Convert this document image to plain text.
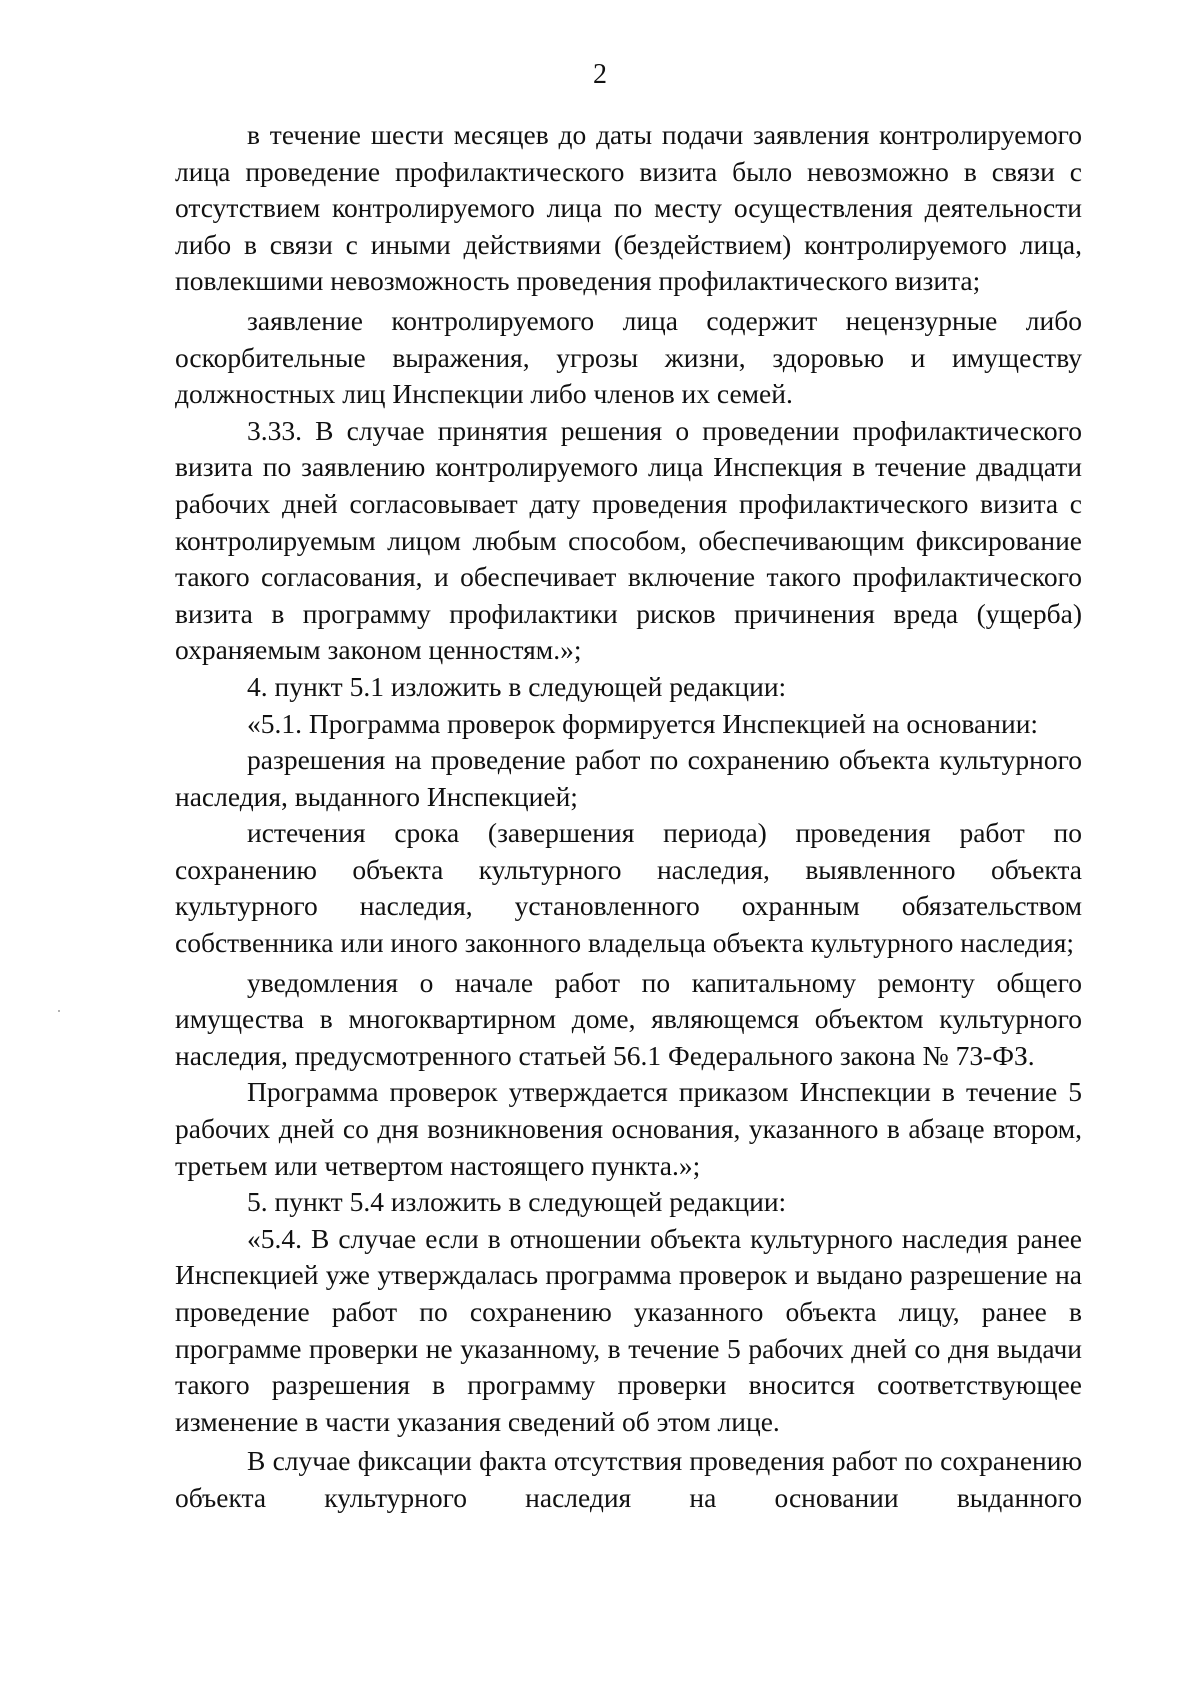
2

в течение шести месяцев до даты подачи заявления контролируемого лица проведение профилактического визита было невозможно в связи с отсутствием контролируемого лица по месту осуществления деятельности либо в связи с иными действиями (бездействием) контролируемого лица, повлекшими невозможность проведения профилактического визита;

заявление контролируемого лица содержит нецензурные либо оскорбительные выражения, угрозы жизни, здоровью и имуществу должностных лиц Инспекции либо членов их семей.

3.33. В случае принятия решения о проведении профилактического визита по заявлению контролируемого лица Инспекция в течение двадцати рабочих дней согласовывает дату проведения профилактического визита с контролируемым лицом любым способом, обеспечивающим фиксирование такого согласования, и обеспечивает включение такого профилактического визита в программу профилактики рисков причинения вреда (ущерба) охраняемым законом ценностям.»;

4. пункт 5.1 изложить в следующей редакции:

«5.1. Программа проверок формируется Инспекцией на основании:

разрешения на проведение работ по сохранению объекта культурного наследия, выданного Инспекцией;

истечения срока (завершения периода) проведения работ по сохранению объекта культурного наследия, выявленного объекта культурного наследия, установленного охранным обязательством собственника или иного законного владельца объекта культурного наследия;

уведомления о начале работ по капитальному ремонту общего имущества в многоквартирном доме, являющемся объектом культурного наследия, предусмотренного статьей 56.1 Федерального закона № 73-ФЗ.

Программа проверок утверждается приказом Инспекции в течение 5 рабочих дней со дня возникновения основания, указанного в абзаце втором, третьем или четвертом настоящего пункта.»;

5. пункт 5.4 изложить в следующей редакции:

«5.4. В случае если в отношении объекта культурного наследия ранее Инспекцией уже утверждалась программа проверок и выдано разрешение на проведение работ по сохранению указанного объекта лицу, ранее в программе проверки не указанному, в течение 5 рабочих дней со дня выдачи такого разрешения в программу проверки вносится соответствующее изменение в части указания сведений об этом лице.

В случае фиксации факта отсутствия проведения работ по сохранению объекта культурного наследия на основании выданного
